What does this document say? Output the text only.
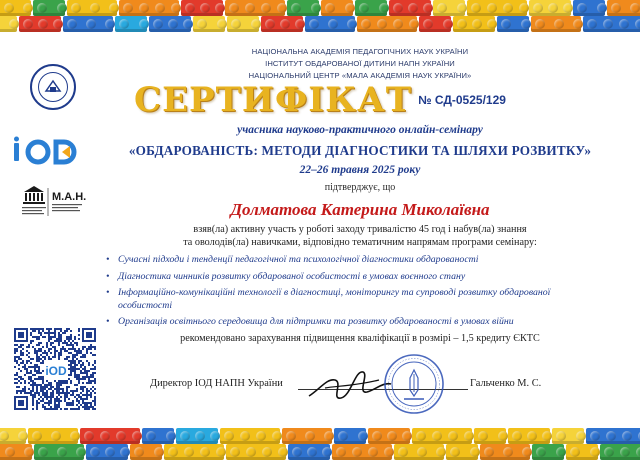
НАЦІОНАЛЬНА АКАДЕМІЯ ПЕДАГОГІЧНИХ НАУК УКРАЇНИ
ІНСТИТУТ ОБДАРОВАНОЇ ДИТИНИ НАПН УКРАЇНИ
НАЦІОНАЛЬНИЙ ЦЕНТР «МАЛА АКАДЕМІЯ НАУК УКРАЇНИ»
СЕРТИФІКАТ № СД-0525/129
М.А.Н.
учасника науково-практичного онлайн-семінару
«ОБДАРОВАНІСТЬ: МЕТОДИ ДІАГНОСТИКИ ТА ШЛЯХИ РОЗВИТКУ»
22–26 травня 2025 року
підтверджує, що
Долматова Катерина Миколаївна
взяв(ла) активну участь у роботі заходу тривалістю 45 год і набув(ла) знання
та оволодів(ла) навичками, відповідно тематичним напрямам програми семінару:
• Сучасні підходи і тенденції педагогічної та психологічної діагностики обдарованості
• Діагностика чинників розвитку обдарованої особистості в умовах воєнного стану
• Інформаційно-комунікаційні технології в діагностиці, моніторингу та супроводі розвитку обдарованої особистості
• Організація освітнього середовища для підтримки та розвитку обдарованості в умовах війни
рекомендовано зарахування підвищення кваліфікації в розмірі – 1,5 кредиту ЄКТС
iOD
Директор ІОД НАПН України	Гальченко М. С.
